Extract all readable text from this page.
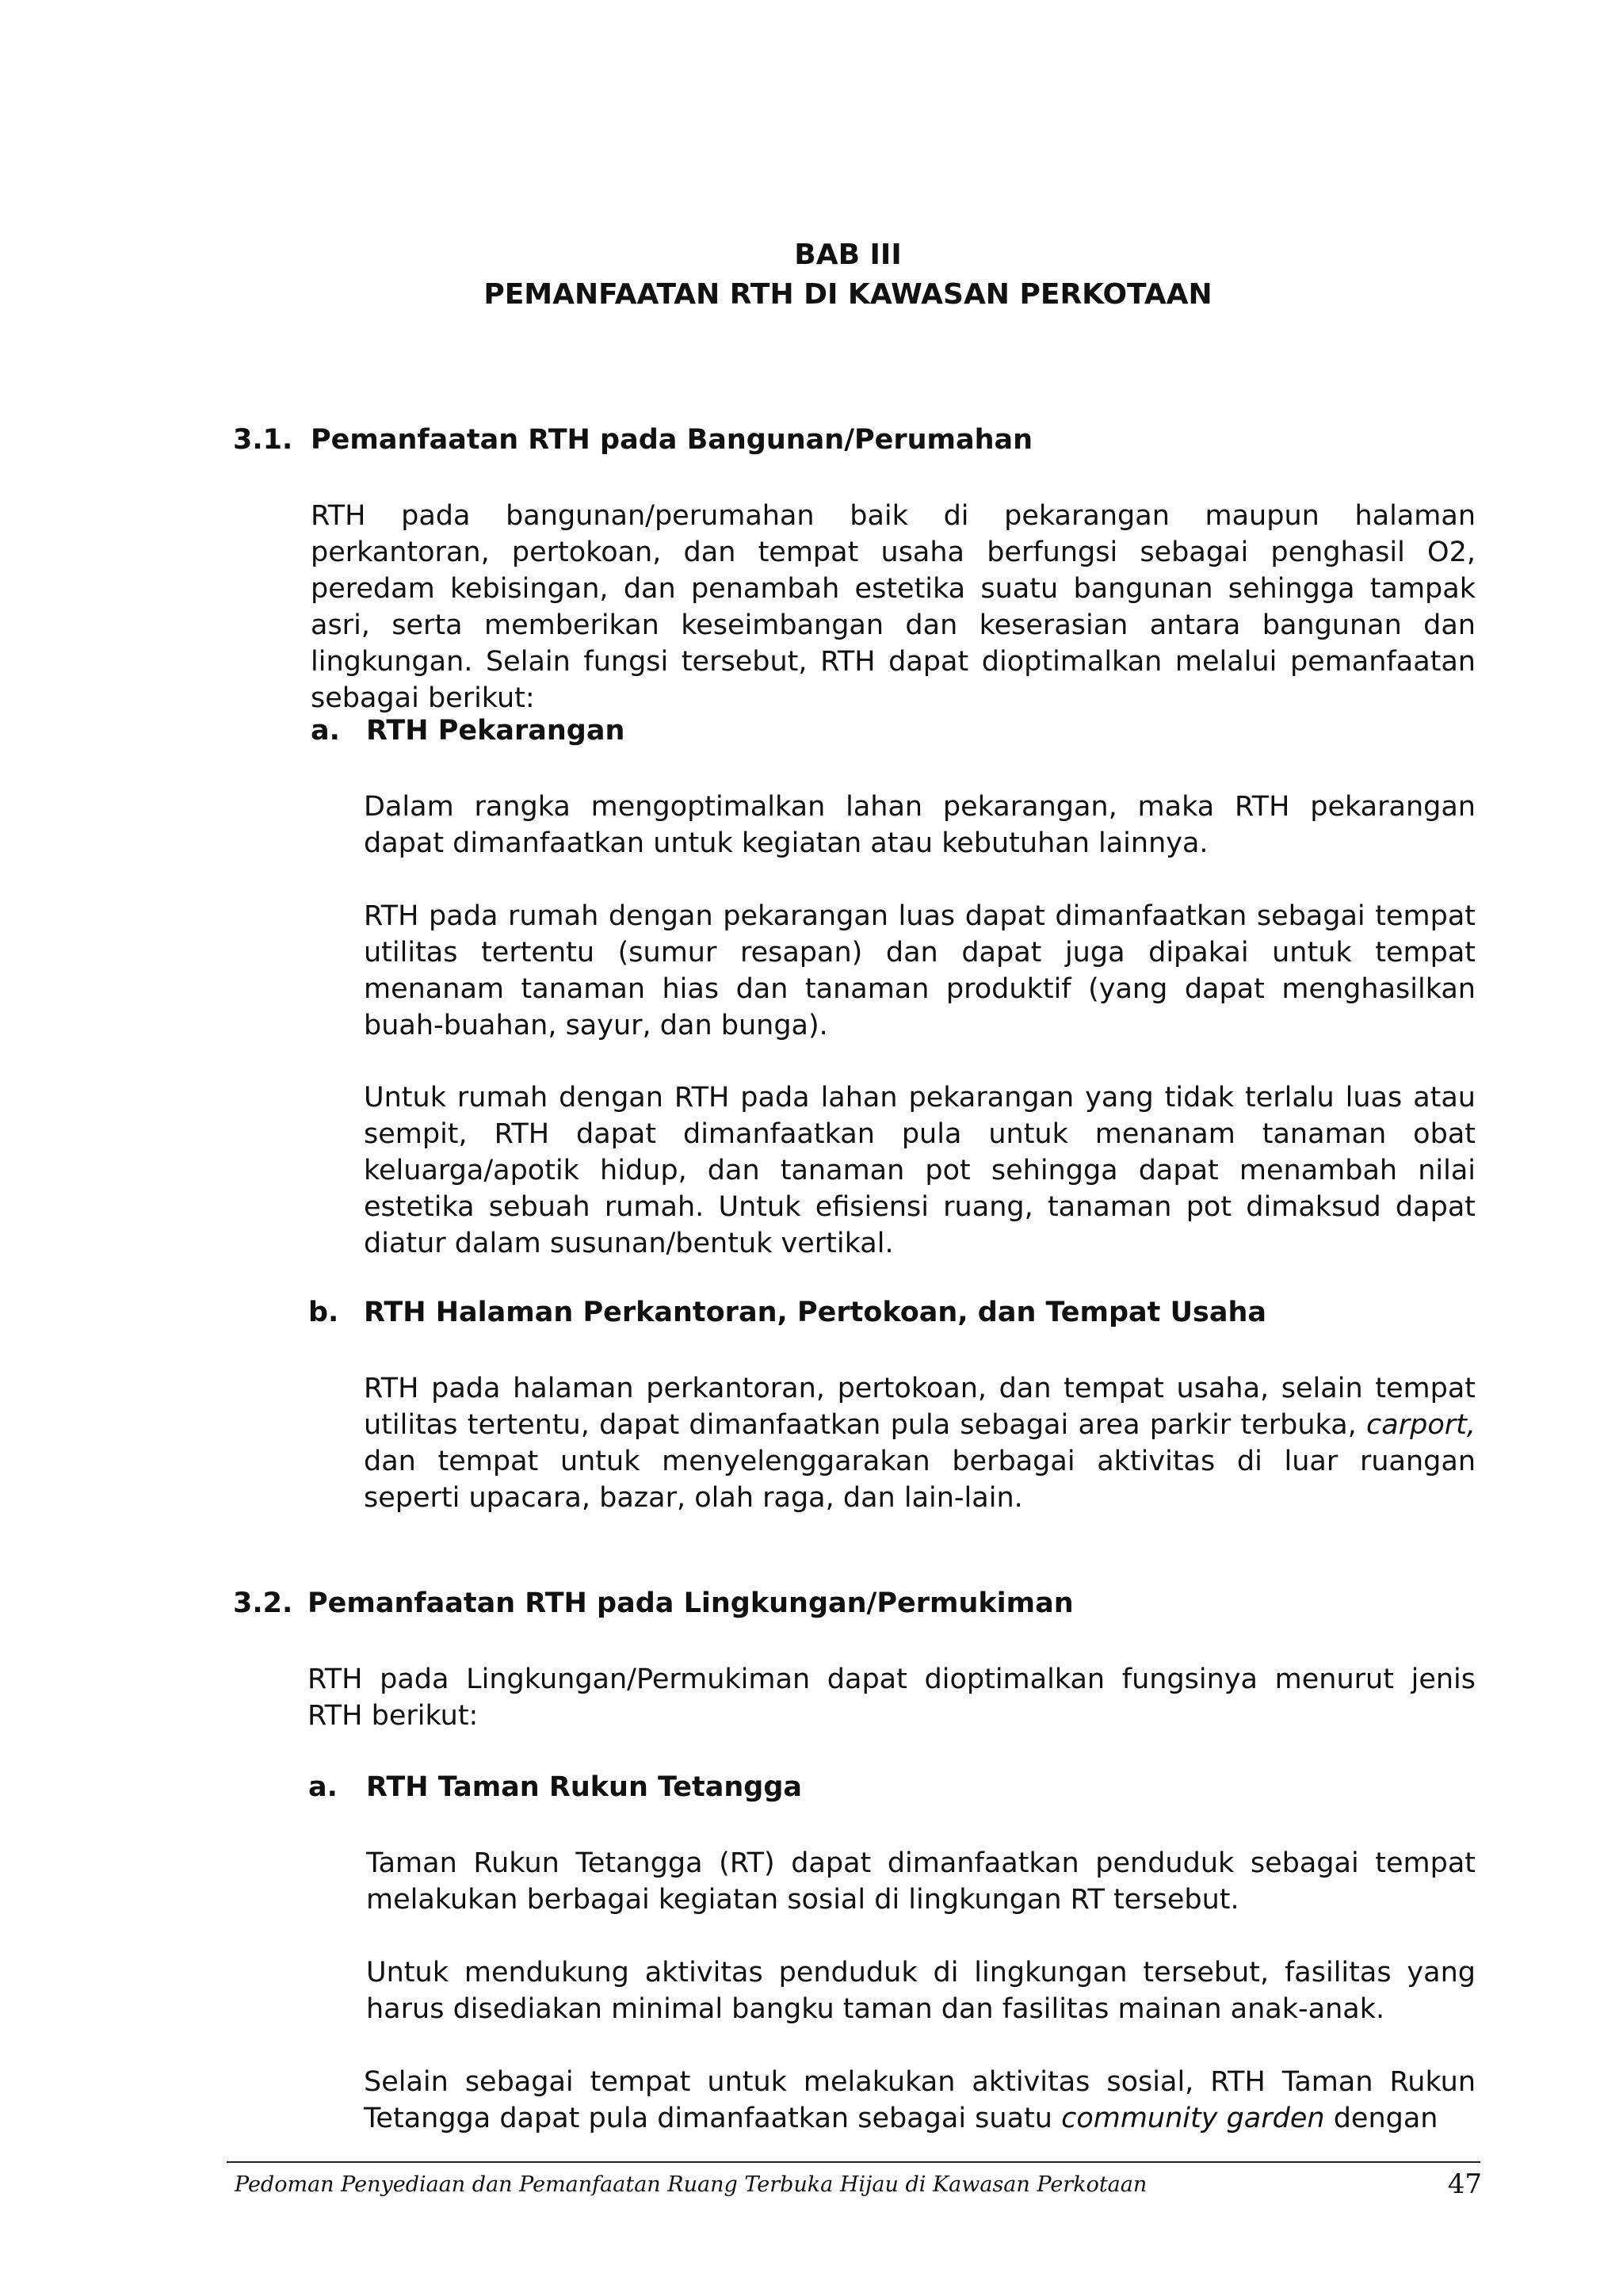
BAB III
PEMANFAATAN RTH DI KAWASAN PERKOTAAN
3.1. Pemanfaatan RTH pada Bangunan/Perumahan
RTH pada bangunan/perumahan baik di pekarangan maupun halaman perkantoran, pertokoan, dan tempat usaha berfungsi sebagai penghasil O2, peredam kebisingan, dan penambah estetika suatu bangunan sehingga tampak asri, serta memberikan keseimbangan dan keserasian antara bangunan dan lingkungan. Selain fungsi tersebut, RTH dapat dioptimalkan melalui pemanfaatan sebagai berikut:
a. RTH Pekarangan
Dalam rangka mengoptimalkan lahan pekarangan, maka RTH pekarangan dapat dimanfaatkan untuk kegiatan atau kebutuhan lainnya.
RTH pada rumah dengan pekarangan luas dapat dimanfaatkan sebagai tempat utilitas tertentu (sumur resapan) dan dapat juga dipakai untuk tempat menanam tanaman hias dan tanaman produktif (yang dapat menghasilkan buah-buahan, sayur, dan bunga).
Untuk rumah dengan RTH pada lahan pekarangan yang tidak terlalu luas atau sempit, RTH dapat dimanfaatkan pula untuk menanam tanaman obat keluarga/apotik hidup, dan tanaman pot sehingga dapat menambah nilai estetika sebuah rumah. Untuk efisiensi ruang, tanaman pot dimaksud dapat diatur dalam susunan/bentuk vertikal.
b. RTH Halaman Perkantoran, Pertokoan, dan Tempat Usaha
RTH pada halaman perkantoran, pertokoan, dan tempat usaha, selain tempat utilitas tertentu, dapat dimanfaatkan pula sebagai area parkir terbuka, carport, dan tempat untuk menyelenggarakan berbagai aktivitas di luar ruangan seperti upacara, bazar, olah raga, dan lain-lain.
3.2. Pemanfaatan RTH pada Lingkungan/Permukiman
RTH pada Lingkungan/Permukiman dapat dioptimalkan fungsinya menurut jenis RTH berikut:
a. RTH Taman Rukun Tetangga
Taman Rukun Tetangga (RT) dapat dimanfaatkan penduduk sebagai tempat melakukan berbagai kegiatan sosial di lingkungan RT tersebut.
Untuk mendukung aktivitas penduduk di lingkungan tersebut, fasilitas yang harus disediakan minimal bangku taman dan fasilitas mainan anak-anak.
Selain sebagai tempat untuk melakukan aktivitas sosial, RTH Taman Rukun Tetangga dapat pula dimanfaatkan sebagai suatu community garden dengan
Pedoman Penyediaan dan Pemanfaatan Ruang Terbuka Hijau di Kawasan Perkotaan	47
